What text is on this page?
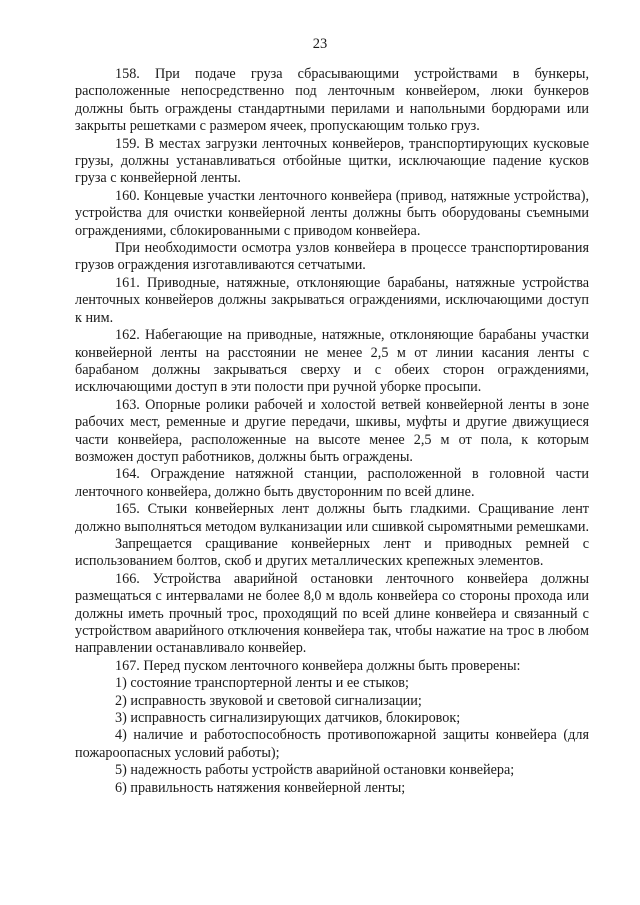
23

158. При подаче груза сбрасывающими устройствами в бункеры, расположенные непосредственно под ленточным конвейером, люки бункеров должны быть ограждены стандартными перилами и напольными бордюрами или закрыты решетками с размером ячеек, пропускающим только груз.

159. В местах загрузки ленточных конвейеров, транспортирующих кусковые грузы, должны устанавливаться отбойные щитки, исключающие падение кусков груза с конвейерной ленты.

160. Концевые участки ленточного конвейера (привод, натяжные устройства), устройства для очистки конвейерной ленты должны быть оборудованы съемными ограждениями, сблокированными с приводом конвейера.

При необходимости осмотра узлов конвейера в процессе транспортирования грузов ограждения изготавливаются сетчатыми.

161. Приводные, натяжные, отклоняющие барабаны, натяжные устройства ленточных конвейеров должны закрываться ограждениями, исключающими доступ к ним.

162. Набегающие на приводные, натяжные, отклоняющие барабаны участки конвейерной ленты на расстоянии не менее 2,5 м от линии касания ленты с барабаном должны закрываться сверху и с обеих сторон ограждениями, исключающими доступ в эти полости при ручной уборке просыпи.

163. Опорные ролики рабочей и холостой ветвей конвейерной ленты в зоне рабочих мест, ременные и другие передачи, шкивы, муфты и другие движущиеся части конвейера, расположенные на высоте менее 2,5 м от пола, к которым возможен доступ работников, должны быть ограждены.

164. Ограждение натяжной станции, расположенной в головной части ленточного конвейера, должно быть двусторонним по всей длине.

165. Стыки конвейерных лент должны быть гладкими. Сращивание лент должно выполняться методом вулканизации или сшивкой сыромятными ремешками.

Запрещается сращивание конвейерных лент и приводных ремней с использованием болтов, скоб и других металлических крепежных элементов.

166. Устройства аварийной остановки ленточного конвейера должны размещаться с интервалами не более 8,0 м вдоль конвейера со стороны прохода или должны иметь прочный трос, проходящий по всей длине конвейера и связанный с устройством аварийного отключения конвейера так, чтобы нажатие на трос в любом направлении останавливало конвейер.

167. Перед пуском ленточного конвейера должны быть проверены:

1) состояние транспортерной ленты и ее стыков;

2) исправность звуковой и световой сигнализации;

3) исправность сигнализирующих датчиков, блокировок;

4) наличие и работоспособность противопожарной защиты конвейера (для пожароопасных условий работы);

5) надежность работы устройств аварийной остановки конвейера;

6) правильность натяжения конвейерной ленты;
